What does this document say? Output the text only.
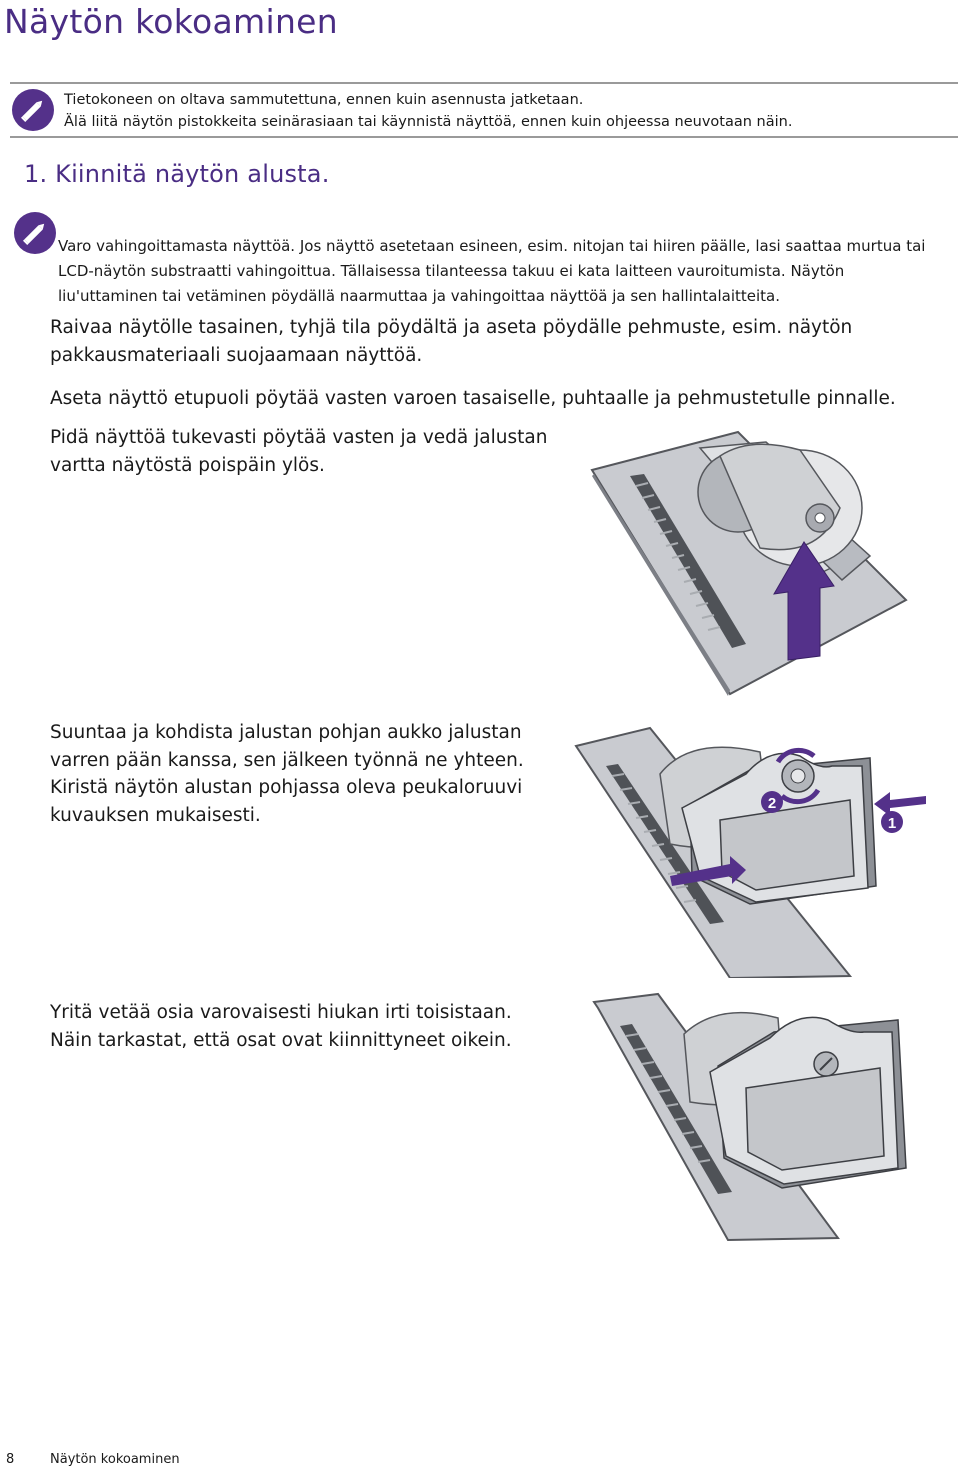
Näytön kokoaminen
Tietokoneen on oltava sammutettuna, ennen kuin asennusta jatketaan.
Älä liitä näytön pistokkeita seinärasiaan tai käynnistä näyttöä, ennen kuin ohjeessa neuvotaan näin.
1. Kiinnitä näytön alusta.
Varo vahingoittamasta näyttöä. Jos näyttö asetetaan esineen, esim. nitojan tai hiiren päälle, lasi saattaa murtua tai
LCD-näytön substraatti vahingoittua. Tällaisessa tilanteessa takuu ei kata laitteen vauroitumista. Näytön
liu'uttaminen tai vetäminen pöydällä naarmuttaa ja vahingoittaa näyttöä ja sen hallintalaitteita.
Raivaa näytölle tasainen, tyhjä tila pöydältä ja aseta pöydälle pehmuste, esim. näytön
pakkausmateriaali suojaamaan näyttöä.
Aseta näyttö etupuoli pöytää vasten varoen tasaiselle, puhtaalle ja pehmustetulle pinnalle.
Pidä näyttöä tukevasti pöytää vasten ja vedä jalustan
vartta näytöstä poispäin ylös.
Suuntaa ja kohdista jalustan pohjan aukko jalustan
varren pään kanssa, sen jälkeen työnnä ne yhteen.
Kiristä näytön alustan pohjassa oleva peukaloruuvi
kuvauksen mukaisesti.
2
1
Yritä vetää osia varovaisesti hiukan irti toisistaan.
Näin tarkastat, että osat ovat kiinnittyneet oikein.
8	Näytön kokoaminen
